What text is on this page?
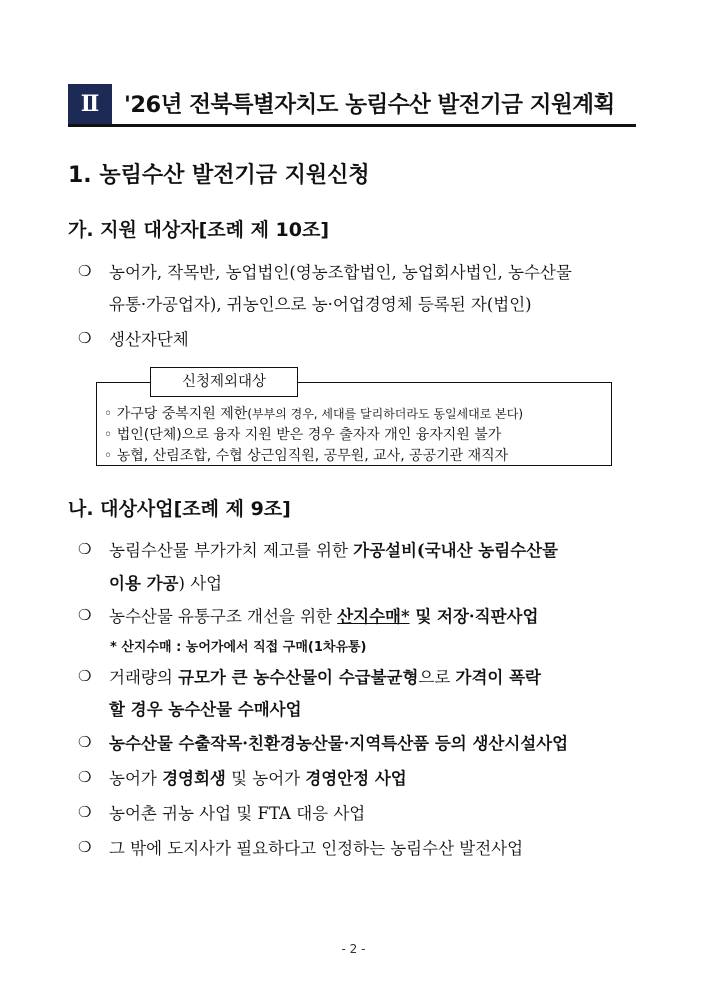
Ⅱ	'26년 전북특별자치도 농림수산 발전기금 지원계획
1. 농림수산 발전기금 지원신청
가. 지원 대상자[조례 제 10조]
❍ 농어가, 작목반, 농업법인(영농조합법인, 농업회사법인, 농수산물
유통·가공업자), 귀농인으로 농·어업경영체 등록된 자(법인)
❍ 생산자단체
신청제외대상
◦ 가구당 중복지원 제한(부부의 경우, 세대를 달리하더라도 동일세대로 본다)
◦ 법인(단체)으로 융자 지원 받은 경우 출자자 개인 융자지원 불가
◦ 농협, 산림조합, 수협 상근임직원, 공무원, 교사, 공공기관 재직자
나. 대상사업[조례 제 9조]
❍ 농림수산물 부가가치 제고를 위한 가공설비(국내산 농림수산물
이용 가공) 사업
❍ 농수산물 유통구조 개선을 위한 산지수매* 및 저장·직판사업
* 산지수매 : 농어가에서 직접 구매(1차유통)
❍ 거래량의 규모가 큰 농수산물이 수급불균형으로 가격이 폭락
할 경우 농수산물 수매사업
❍ 농수산물 수출작목·친환경농산물·지역특산품 등의 생산시설사업
❍ 농어가 경영회생 및 농어가 경영안정 사업
❍ 농어촌 귀농 사업 및 FTA 대응 사업
❍ 그 밖에 도지사가 필요하다고 인정하는 농림수산 발전사업
- 2 -
